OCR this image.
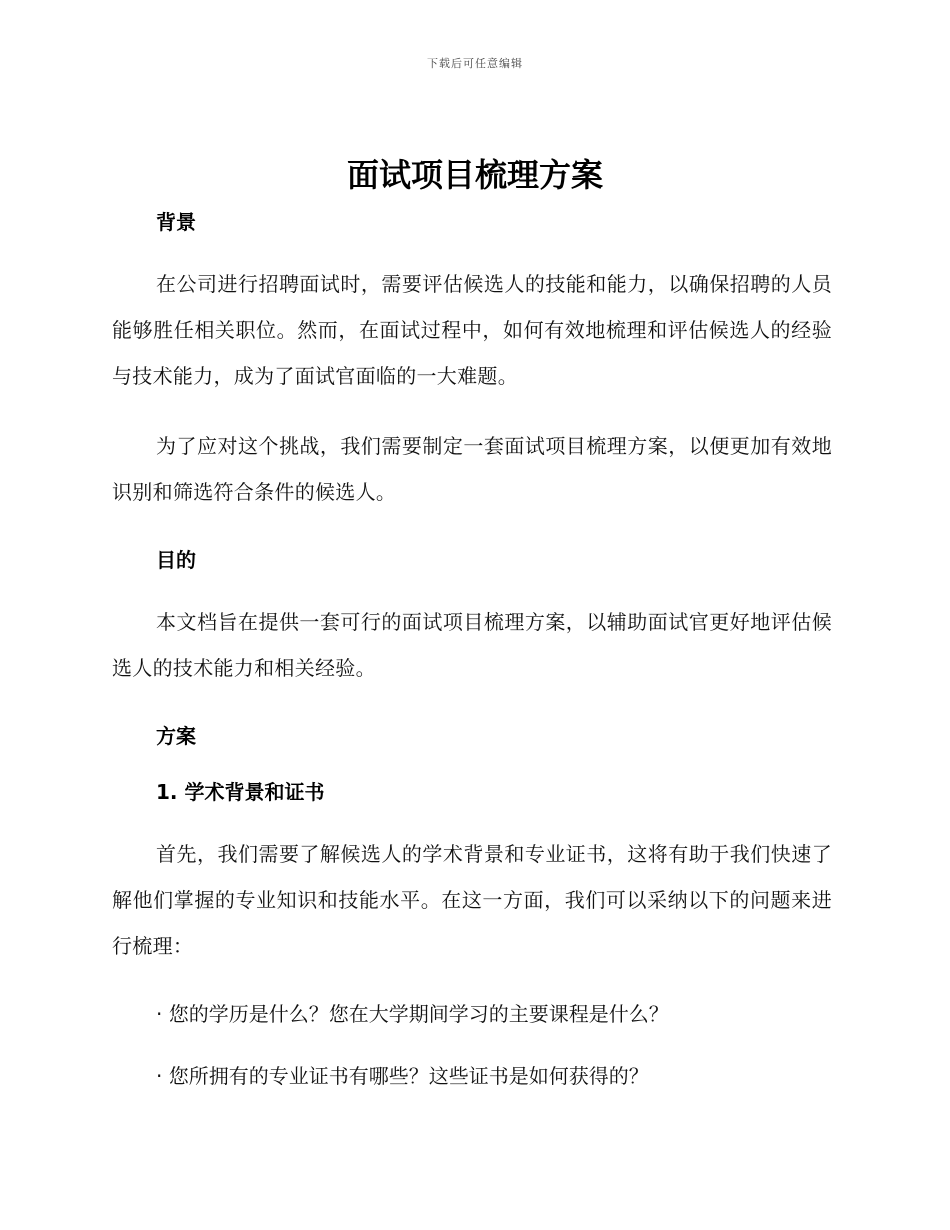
下载后可任意编辑
面试项目梳理方案
背景

在公司进行招聘面试时，需要评估候选人的技能和能力，以确保招聘的人员能够胜任相关职位。然而，在面试过程中，如何有效地梳理和评估候选人的经验与技术能力，成为了面试官面临的一大难题。

为了应对这个挑战，我们需要制定一套面试项目梳理方案，以便更加有效地识别和筛选符合条件的候选人。

目的

本文档旨在提供一套可行的面试项目梳理方案，以辅助面试官更好地评估候选人的技术能力和相关经验。

方案
1. 学术背景和证书

首先，我们需要了解候选人的学术背景和专业证书，这将有助于我们快速了解他们掌握的专业知识和技能水平。在这一方面，我们可以采纳以下的问题来进行梳理：

· 您的学历是什么？您在大学期间学习的主要课程是什么？

· 您所拥有的专业证书有哪些？这些证书是如何获得的？
